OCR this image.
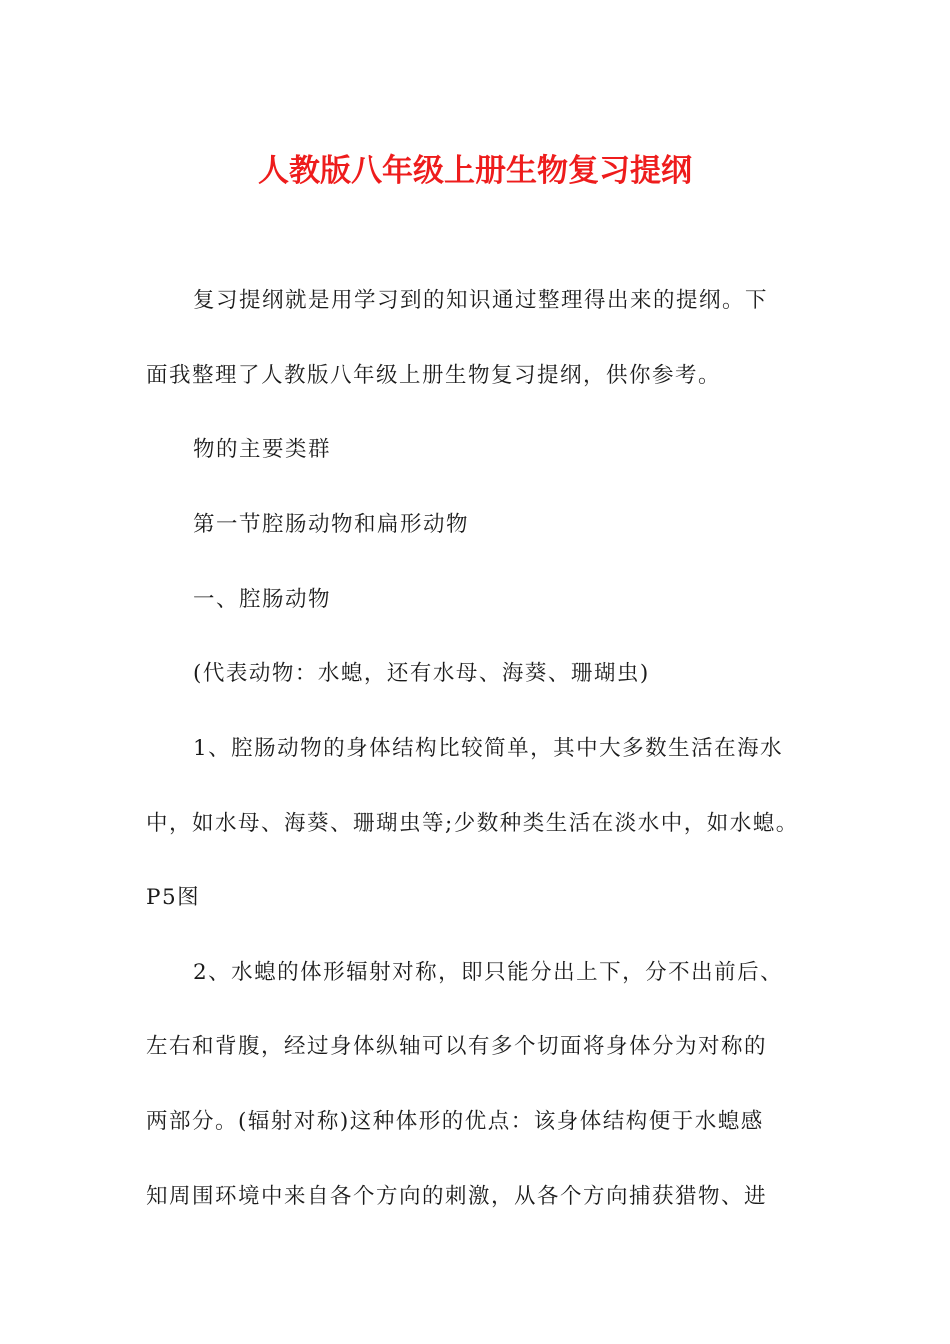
人教版八年级上册生物复习提纲
复习提纲就是用学习到的知识通过整理得出来的提纲。下
面我整理了人教版八年级上册生物复习提纲，供你参考。
物的主要类群
第一节腔肠动物和扁形动物
一、腔肠动物
(代表动物：水螅，还有水母、海葵、珊瑚虫)
1、腔肠动物的身体结构比较简单，其中大多数生活在海水
中，如水母、海葵、珊瑚虫等;少数种类生活在淡水中，如水螅。
P5图
2、水螅的体形辐射对称，即只能分出上下，分不出前后、
左右和背腹，经过身体纵轴可以有多个切面将身体分为对称的
两部分。(辐射对称)这种体形的优点：该身体结构便于水螅感
知周围环境中来自各个方向的刺激，从各个方向捕获猎物、进
